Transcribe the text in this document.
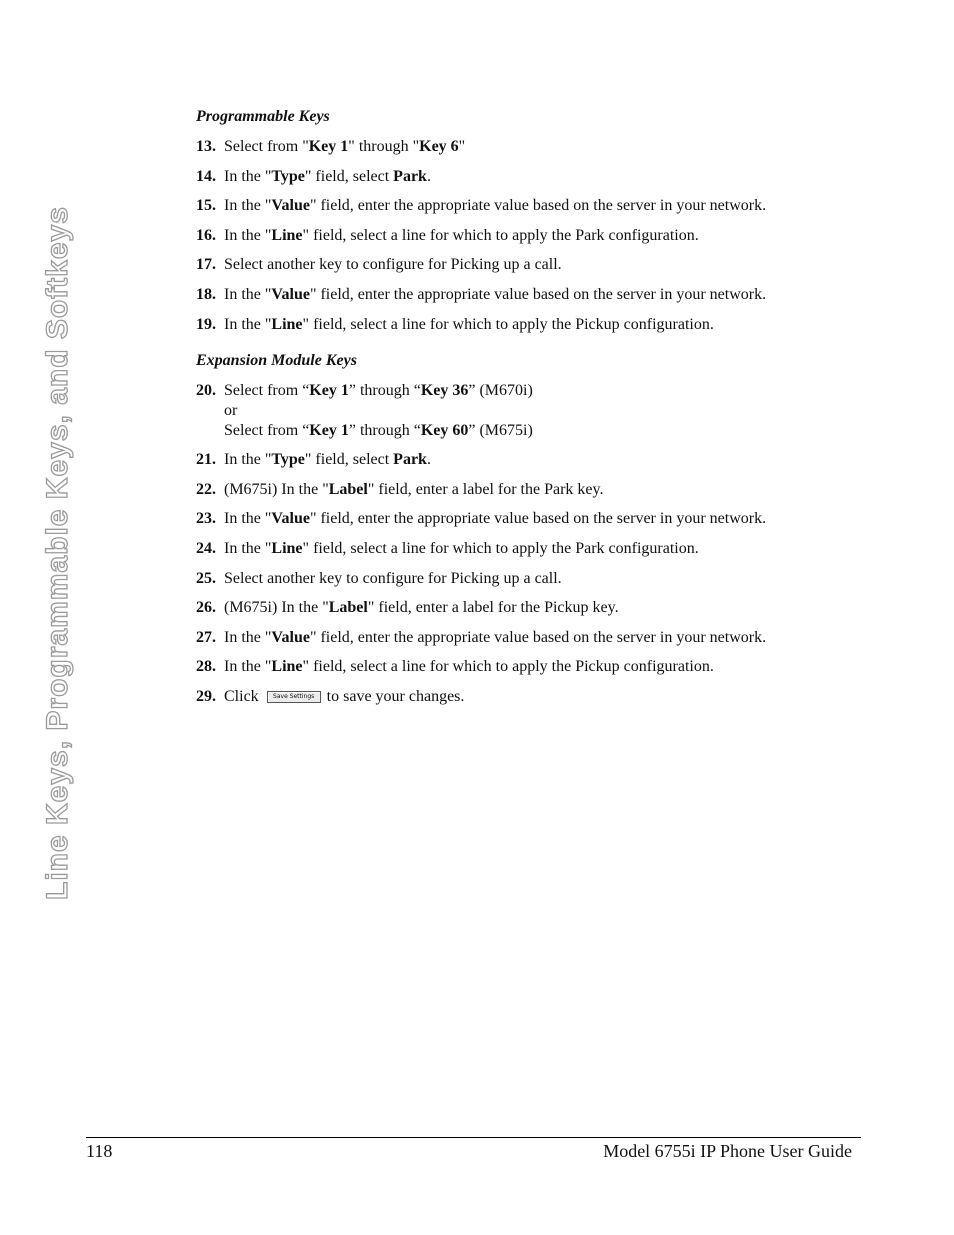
Line Keys, Programmable Keys, and Softkeys
Programmable Keys
13. Select from "Key 1" through "Key 6"
14. In the "Type" field, select Park.
15. In the "Value" field, enter the appropriate value based on the server in your network.
16. In the "Line" field, select a line for which to apply the Park configuration.
17. Select another key to configure for Picking up a call.
18. In the "Value" field, enter the appropriate value based on the server in your network.
19. In the "Line" field, select a line for which to apply the Pickup configuration.
Expansion Module Keys
20. Select from “Key 1” through “Key 36” (M670i)
or
Select from “Key 1” through “Key 60” (M675i)
21. In the "Type" field, select Park.
22. (M675i) In the "Label" field, enter a label for the Park key.
23. In the "Value" field, enter the appropriate value based on the server in your network.
24. In the "Line" field, select a line for which to apply the Park configuration.
25. Select another key to configure for Picking up a call.
26. (M675i) In the "Label" field, enter a label for the Pickup key.
27. In the "Value" field, enter the appropriate value based on the server in your network.
28. In the "Line" field, select a line for which to apply the Pickup configuration.
29. Click Save Settings to save your changes.
118	Model 6755i IP Phone User Guide
